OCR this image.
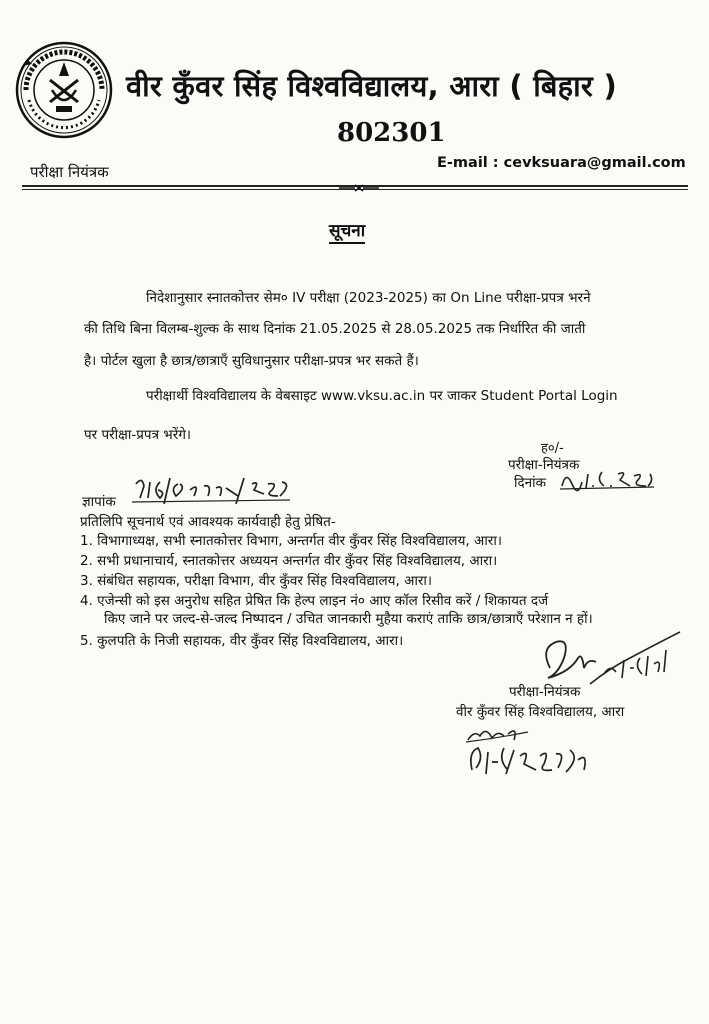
वीर कुँवर सिंह विश्वविद्यालय, आरा ( बिहार )
802301
परीक्षा नियंत्रक	E-mail : cevksuara@gmail.com
सूचना
निदेशानुसार स्नातकोत्तर सेम० IV परीक्षा (2023-2025) का On Line परीक्षा-प्रपत्र भरने
की तिथि बिना विलम्ब-शुल्क के साथ दिनांक 21.05.2025 से 28.05.2025 तक निर्धारित की जाती
है। पोर्टल खुला है छात्र/छात्राएँ सुविधानुसार परीक्षा-प्रपत्र भर सकते हैं।
परीक्षार्थी विश्वविद्यालय के वेबसाइट www.vksu.ac.in पर जाकर Student Portal Login
पर परीक्षा-प्रपत्र भरेंगे।
ह०/-
परीक्षा-नियंत्रक
दिनांक
ज्ञापांक
प्रतिलिपि सूचनार्थ एवं आवश्यक कार्यवाही हेतु प्रेषित-
1. विभागाध्यक्ष, सभी स्नातकोत्तर विभाग, अन्तर्गत वीर कुँवर सिंह विश्वविद्यालय, आरा।
2. सभी प्रधानाचार्य, स्नातकोत्तर अध्ययन अन्तर्गत वीर कुँवर सिंह विश्वविद्यालय, आरा।
3. संबंधित सहायक, परीक्षा विभाग, वीर कुँवर सिंह विश्वविद्यालय, आरा।
4. एजेन्सी को इस अनुरोध सहित प्रेषित कि हेल्प लाइन नं० आए कॉल रिसीव करें / शिकायत दर्ज
किए जाने पर जल्द-से-जल्द निष्पादन / उचित जानकारी मुहैया कराएं ताकि छात्र/छात्राएँ परेशान न हों।
5. कुलपति के निजी सहायक, वीर कुँवर सिंह विश्वविद्यालय, आरा।
परीक्षा-नियंत्रक
वीर कुँवर सिंह विश्वविद्यालय, आरा
